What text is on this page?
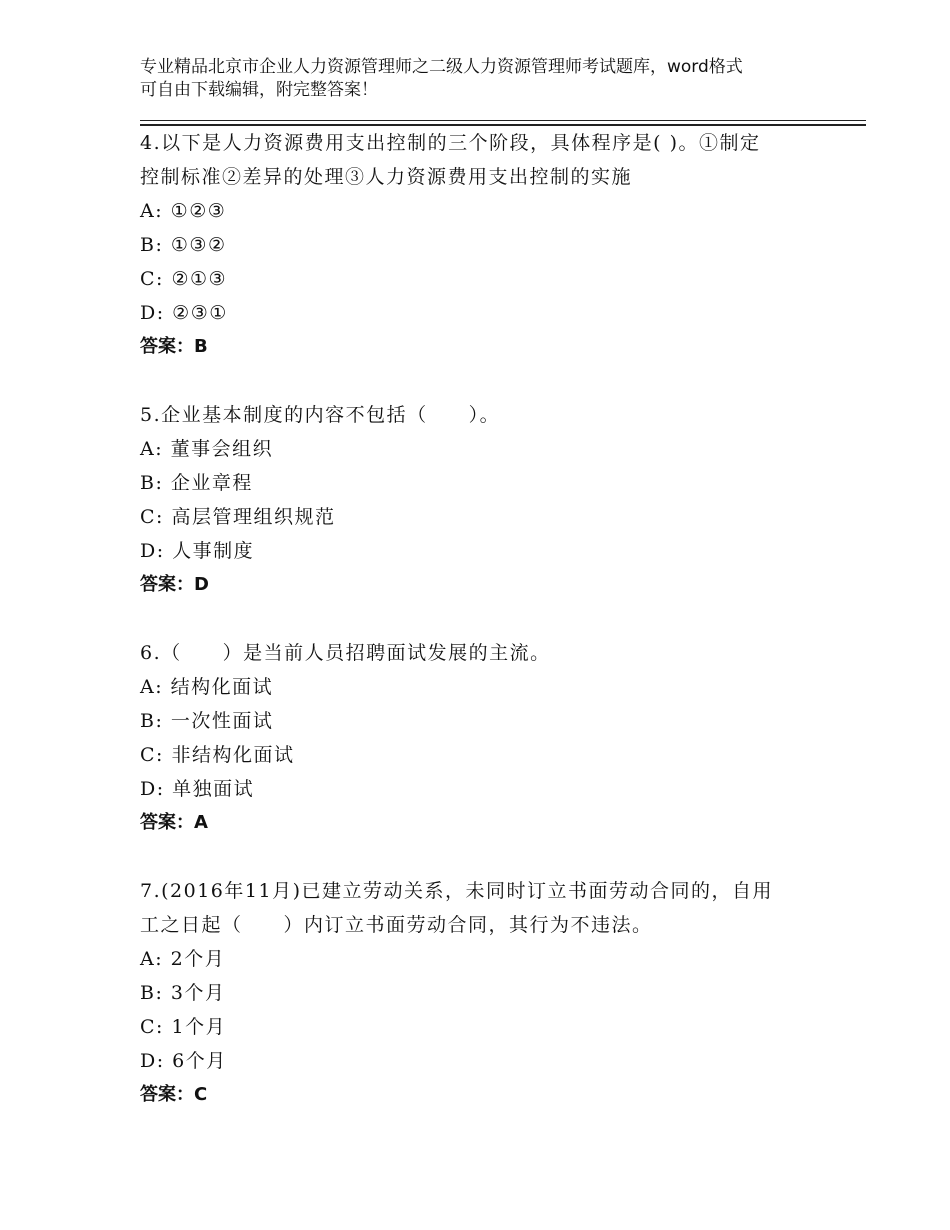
专业精品北京市企业人力资源管理师之二级人力资源管理师考试题库，word格式
可自由下载编辑，附完整答案！
4.以下是人力资源费用支出控制的三个阶段，具体程序是( )。①制定
控制标准②差异的处理③人力资源费用支出控制的实施
A: ①②③
B: ①③②
C: ②①③
D: ②③①
答案：B
5.企业基本制度的内容不包括（　　）。
A: 董事会组织
B: 企业章程
C: 高层管理组织规范
D: 人事制度
答案：D
6.（　　）是当前人员招聘面试发展的主流。
A: 结构化面试
B: 一次性面试
C: 非结构化面试
D: 单独面试
答案：A
7.(2016年11月)已建立劳动关系，未同时订立书面劳动合同的，自用
工之日起（　　）内订立书面劳动合同，其行为不违法。
A: 2个月
B: 3个月
C: 1个月
D: 6个月
答案：C
